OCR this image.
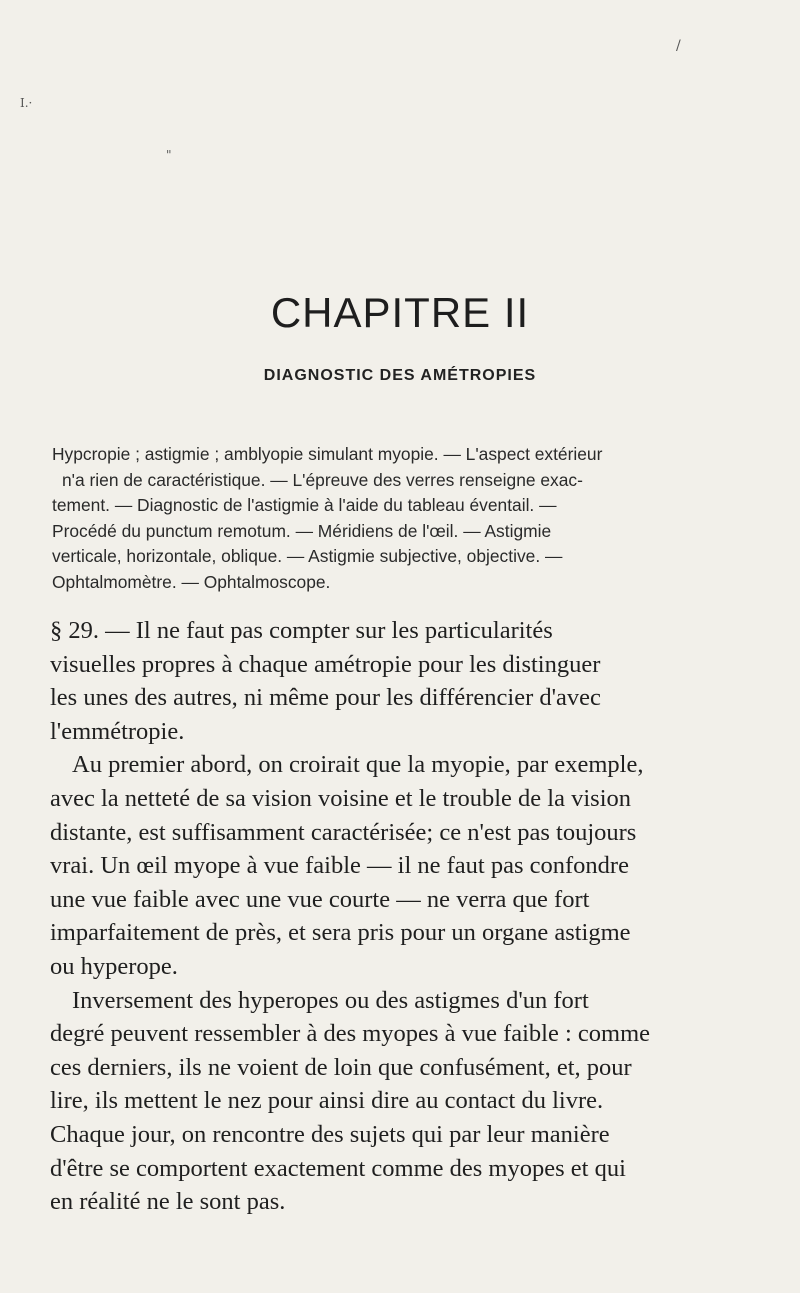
/
I.·
"
CHAPITRE II
DIAGNOSTIC DES AMÉTROPIES
Hypcropie ; astigmie ; amblyopie simulant myopie. — L'aspect extérieur
n'a rien de caractéristique. — L'épreuve des verres renseigne exac-
tement. — Diagnostic de l'astigmie à l'aide du tableau éventail. —
Procédé du punctum remotum. — Méridiens de l'œil. — Astigmie
verticale, horizontale, oblique. — Astigmie subjective, objective. —
Ophtalmomètre. — Ophtalmoscope.
§ 29. — Il ne faut pas compter sur les particularités
visuelles propres à chaque amétropie pour les distinguer
les unes des autres, ni même pour les différencier d'avec
l'emmétropie.
Au premier abord, on croirait que la myopie, par exemple,
avec la netteté de sa vision voisine et le trouble de la vision
distante, est suffisamment caractérisée; ce n'est pas toujours
vrai. Un œil myope à vue faible — il ne faut pas confondre
une vue faible avec une vue courte — ne verra que fort
imparfaitement de près, et sera pris pour un organe astigme
ou hyperope.
Inversement des hyperopes ou des astigmes d'un fort
degré peuvent ressembler à des myopes à vue faible : comme
ces derniers, ils ne voient de loin que confusément, et, pour
lire, ils mettent le nez pour ainsi dire au contact du livre.
Chaque jour, on rencontre des sujets qui par leur manière
d'être se comportent exactement comme des myopes et qui
en réalité ne le sont pas.
